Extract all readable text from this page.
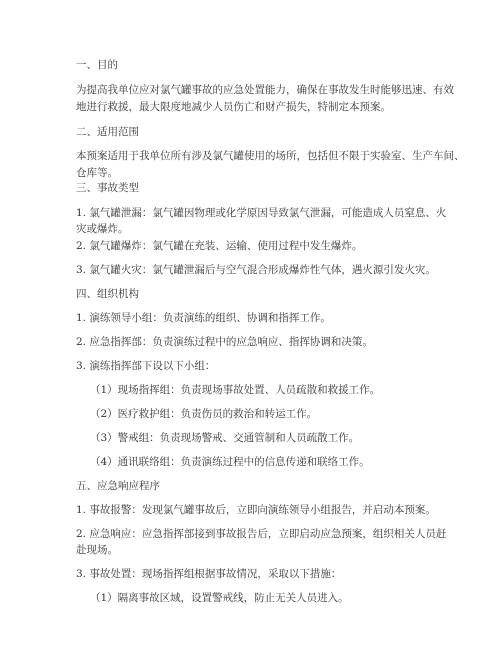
一、目的
为提高我单位应对氯气罐事故的应急处置能力，确保在事故发生时能够迅速、有效
地进行救援，最大限度地减少人员伤亡和财产损失，特制定本预案。
二、适用范围
本预案适用于我单位所有涉及氯气罐使用的场所，包括但不限于实验室、生产车间、
仓库等。
三、事故类型
1. 氯气罐泄漏：氯气罐因物理或化学原因导致氯气泄漏，可能造成人员窒息、火
灾或爆炸。
2. 氯气罐爆炸：氯气罐在充装、运输、使用过程中发生爆炸。
3. 氯气罐火灾：氯气罐泄漏后与空气混合形成爆炸性气体，遇火源引发火灾。
四、组织机构
1. 演练领导小组：负责演练的组织、协调和指挥工作。
2. 应急指挥部：负责演练过程中的应急响应、指挥协调和决策。
3. 演练指挥部下设以下小组：
（1）现场指挥组：负责现场事故处置、人员疏散和救援工作。
（2）医疗救护组：负责伤员的救治和转运工作。
（3）警戒组：负责现场警戒、交通管制和人员疏散工作。
（4）通讯联络组：负责演练过程中的信息传递和联络工作。
五、应急响应程序
1. 事故报警：发现氯气罐事故后，立即向演练领导小组报告，并启动本预案。
2. 应急响应：应急指挥部接到事故报告后，立即启动应急预案，组织相关人员赶
赴现场。
3. 事故处置：现场指挥组根据事故情况，采取以下措施：
（1）隔离事故区域，设置警戒线，防止无关人员进入。
